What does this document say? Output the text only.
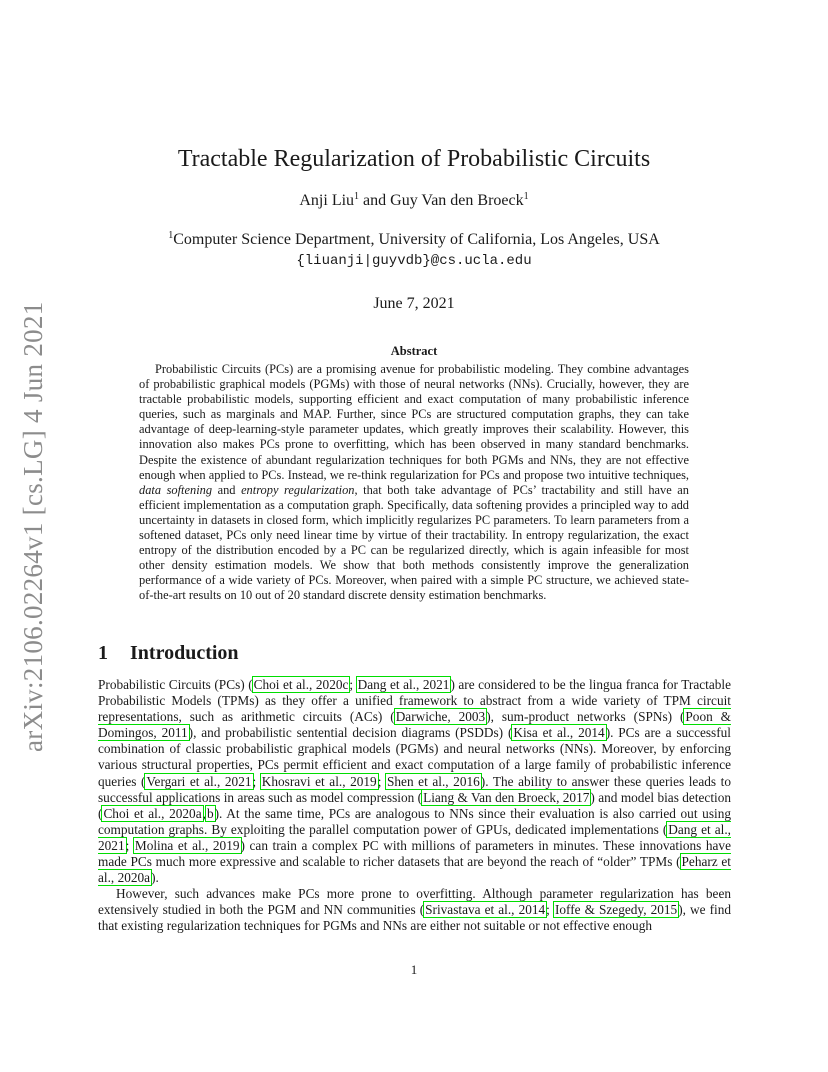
arXiv:2106.02264v1 [cs.LG] 4 Jun 2021
Tractable Regularization of Probabilistic Circuits
Anji Liu$^1$ and Guy Van den Broeck$^1$
$^1$Computer Science Department, University of California, Los Angeles, USA
{liuanji|guyvdb}@cs.ucla.edu
June 7, 2021
Abstract

Probabilistic Circuits (PCs) are a promising avenue for probabilistic modeling. They combine advantages of probabilistic graphical models (PGMs) with those of neural networks (NNs). Crucially, however, they are tractable probabilistic models, supporting efficient and exact computation of many probabilistic inference queries, such as marginals and MAP. Further, since PCs are structured computation graphs, they can take advantage of deep-learning-style parameter updates, which greatly improves their scalability. However, this innovation also makes PCs prone to overfitting, which has been observed in many standard benchmarks. Despite the existence of abundant regularization techniques for both PGMs and NNs, they are not effective enough when applied to PCs. Instead, we re-think regularization for PCs and propose two intuitive techniques, data softening and entropy regularization, that both take advantage of PCs’ tractability and still have an efficient implementation as a computation graph. Specifically, data softening provides a principled way to add uncertainty in datasets in closed form, which implicitly regularizes PC parameters. To learn parameters from a softened dataset, PCs only need linear time by virtue of their tractability. In entropy regularization, the exact entropy of the distribution encoded by a PC can be regularized directly, which is again infeasible for most other density estimation models. We show that both methods consistently improve the generalization performance of a wide variety of PCs. Moreover, when paired with a simple PC structure, we achieved state-of-the-art results on 10 out of 20 standard discrete density estimation benchmarks.

1 Introduction

Probabilistic Circuits (PCs) (Choi et al., 2020c; Dang et al., 2021) are considered to be the lingua franca for Tractable Probabilistic Models (TPMs) as they offer a unified framework to abstract from a wide variety of TPM circuit representations, such as arithmetic circuits (ACs) (Darwiche, 2003), sum-product networks (SPNs) (Poon & Domingos, 2011), and probabilistic sentential decision diagrams (PSDDs) (Kisa et al., 2014). PCs are a successful combination of classic probabilistic graphical models (PGMs) and neural networks (NNs). Moreover, by enforcing various structural properties, PCs permit efficient and exact computation of a large family of probabilistic inference queries (Vergari et al., 2021; Khosravi et al., 2019; Shen et al., 2016). The ability to answer these queries leads to successful applications in areas such as model compression (Liang & Van den Broeck, 2017) and model bias detection (Choi et al., 2020a,b). At the same time, PCs are analogous to NNs since their evaluation is also carried out using computation graphs. By exploiting the parallel computation power of GPUs, dedicated implementations (Dang et al., 2021; Molina et al., 2019) can train a complex PC with millions of parameters in minutes. These innovations have made PCs much more expressive and scalable to richer datasets that are beyond the reach of “older” TPMs (Peharz et al., 2020a).

However, such advances make PCs more prone to overfitting. Although parameter regularization has been extensively studied in both the PGM and NN communities (Srivastava et al., 2014; Ioffe & Szegedy, 2015), we find that existing regularization techniques for PGMs and NNs are either not suitable or not effective enough

1
